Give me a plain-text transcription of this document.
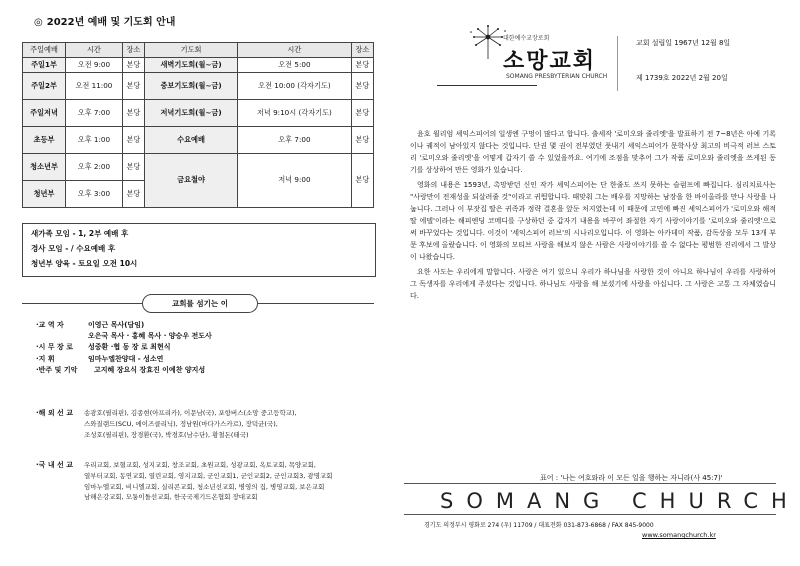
◎ 2022년 예배 및 기도회 안내
주일예배	시간	장소	기도회	시간	장소
주일1부	오전 9:00	본당	새벽기도회(월~금)	오전 5:00	본당
주일2부	오전 11:00	본당	중보기도회(월~금)	오전 10:00 (각자기도)	본당
주일저녁	오후 7:00	본당	저녁기도회(월~금)	저녁 9:10시 (각자기도)	본당
초등부	오후 1:00	본당	수요예배	오후 7:00	본당
청소년부	오후 2:00	본당	금요철야	저녁 9:00	본당
청년부	오후 3:00	본당			
새가족 모임 - 1, 2부 예배 후
경사 모임 - / 수요예배 후
청년부 양육 - 토요일 오전 10시
교회를 섬기는 이
·교 역 자	이영근 목사(담임)
오은국 목사 · 홍혜 목사 · 양승우 전도사
·시 무 장 로	성중환 ·협 동 장 로 최현식
·지 휘	임마누엘찬양대 - 성소연
·반주 및 기악	고지혜 장요식 장효진 이예찬 양지성
·해 외 선 교	송광호(필리핀), 김종현(아프리카), 이문남(국), 포항버스(소망 중고등학교),
스와질랜드(SCU, 에이즈클리닉), 정남원(마다가스카르), 장덕균(국),
조성호(필리핀), 장경환(국), 박경호(남수단), 황철돈(태국)
·국 내 선 교	우리교회, 보혈교회, 성지교회, 창조교회, 초원교회, 성광교회, 옥토교회, 목양교회,
열부터교회, 동연교회, 열린교회, 영지교회, 군인교회1, 군인교회2, 군인교회3, 광명교회
임마누엘교회, 비니엘교회, 실리콘교회, 청소년선교회, 병영의 집, 병영교회, 보은교회
남해은강교회, 모퉁이돌선교회, 한국국제기드온협회 장대교회
대한예수교장로회
소망교회
SOMANG PRESBYTERIAN CHURCH
교회 설립일 1967년 12월 8일
제 1739호 2022년 2월 20일

윤호 윌리엄 셰익스피어의 일생엔 구멍이 많다고 합니다. 출세작 '로미오와 줄리엣'을 발표하기 전 7~8년은 아예 기록이나 궤적이 남아있지 않다는 것입니다. 단권 몇 권이 전부였던 풋내기 셰익스피어가 문학사상 최고의 비극적 러브 스토리 '로미오와 줄리엣'을 어떻게 갑자기 쓸 수 있었을까요. 여기에 조점을 맞추어 그가 작품 로미오와 줄리엣을 쓰게된 동기를 상상하여 만든 영화가 있습니다.

영화의 내용은 1593년, 촉망받던 신인 작가 셰익스피어는 단 한줄도 쓰지 못하는 슬럼프에 빠집니다. 심리치료사는 "사랑만이 전재성을 되살려줄 것"이라고 귀띔합니다. 때맞춰 그는 배우를 지망하는 남장을 한 바이올라를 만나 사랑을 나눕니다. 그러나 이 부잣집 딸은 귀족과 정략 결혼을 앞둔 처지였는데 이 때문에 고민에 빠진 셰익스피어가 '로미오와 해적 딸 에델'이라는 해피엔딩 코메디를 구상하던 중 갑자기 내용을 바꾸어 좌절한 자기 사랑이야기를 '로미오와 줄리엣'으로써 바꾸었다는 것입니다. 이것이 '세익스피어 러브'의 시나리오입니다. 이 영화는 아카데미 작품, 감독상을 모두 13개 부문 후보에 올랐습니다. 이 영화의 모티브 사랑을 해보지 않은 사람은 사랑이야기를 쓸 수 없다는 평범한 진리에서 그 발상이 나왔습니다.

요한 사도는 우리에게 말합니다. 사랑은 여기 있으니 우리가 하나님을 사랑한 것이 아니요 하나님이 우리를 사랑하여 그 독생자를 우리에게 주셨다는 것입니다. 하나님도 사랑을 해 보셨기에 사랑을 아십니다. 그 사랑은 고통 그 자체였습니다.

표어 : '나는 여호와라 이 모든 일을 행하는 자니라(사 45:7)'
SOMANG CHURCH
경기도 의정부시 평화로 274 (우) 11709 / 대표전화 031-873-6868 / FAX 845-9000
www.somangchurch.kr
